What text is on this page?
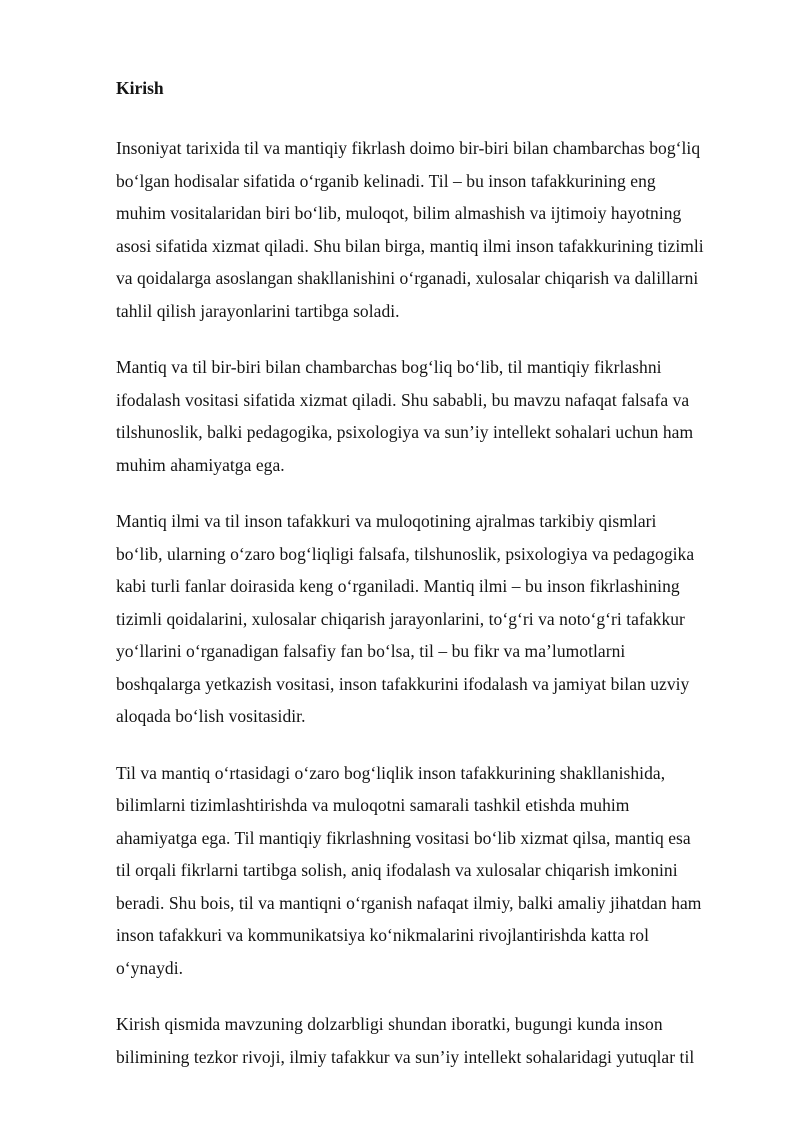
Kirish
Insoniyat tarixida til va mantiqiy fikrlash doimo bir-biri bilan chambarchas bog‘liq
bo‘lgan hodisalar sifatida o‘rganib kelinadi. Til – bu inson tafakkurining eng
muhim vositalaridan biri bo‘lib, muloqot, bilim almashish va ijtimoiy hayotning
asosi sifatida xizmat qiladi. Shu bilan birga, mantiq ilmi inson tafakkurining tizimli
va qoidalarga asoslangan shakllanishini o‘rganadi, xulosalar chiqarish va dalillarni
tahlil qilish jarayonlarini tartibga soladi.
Mantiq va til bir-biri bilan chambarchas bog‘liq bo‘lib, til mantiqiy fikrlashni
ifodalash vositasi sifatida xizmat qiladi. Shu sababli, bu mavzu nafaqat falsafa va
tilshunoslik, balki pedagogika, psixologiya va sun’iy intellekt sohalari uchun ham
muhim ahamiyatga ega.
Mantiq ilmi va til inson tafakkuri va muloqotining ajralmas tarkibiy qismlari
bo‘lib, ularning o‘zaro bog‘liqligi falsafa, tilshunoslik, psixologiya va pedagogika
kabi turli fanlar doirasida keng o‘rganiladi. Mantiq ilmi – bu inson fikrlashining
tizimli qoidalarini, xulosalar chiqarish jarayonlarini, to‘g‘ri va noto‘g‘ri tafakkur
yo‘llarini o‘rganadigan falsafiy fan bo‘lsa, til – bu fikr va ma’lumotlarni
boshqalarga yetkazish vositasi, inson tafakkurini ifodalash va jamiyat bilan uzviy
aloqada bo‘lish vositasidir.
Til va mantiq o‘rtasidagi o‘zaro bog‘liqlik inson tafakkurining shakllanishida,
bilimlarni tizimlashtirishda va muloqotni samarali tashkil etishda muhim
ahamiyatga ega. Til mantiqiy fikrlashning vositasi bo‘lib xizmat qilsa, mantiq esa
til orqali fikrlarni tartibga solish, aniq ifodalash va xulosalar chiqarish imkonini
beradi. Shu bois, til va mantiqni o‘rganish nafaqat ilmiy, balki amaliy jihatdan ham
inson tafakkuri va kommunikatsiya ko‘nikmalarini rivojlantirishda katta rol
o‘ynaydi.
Kirish qismida mavzuning dolzarbligi shundan iboratki, bugungi kunda inson
bilimining tezkor rivoji, ilmiy tafakkur va sun’iy intellekt sohalaridagi yutuqlar til
